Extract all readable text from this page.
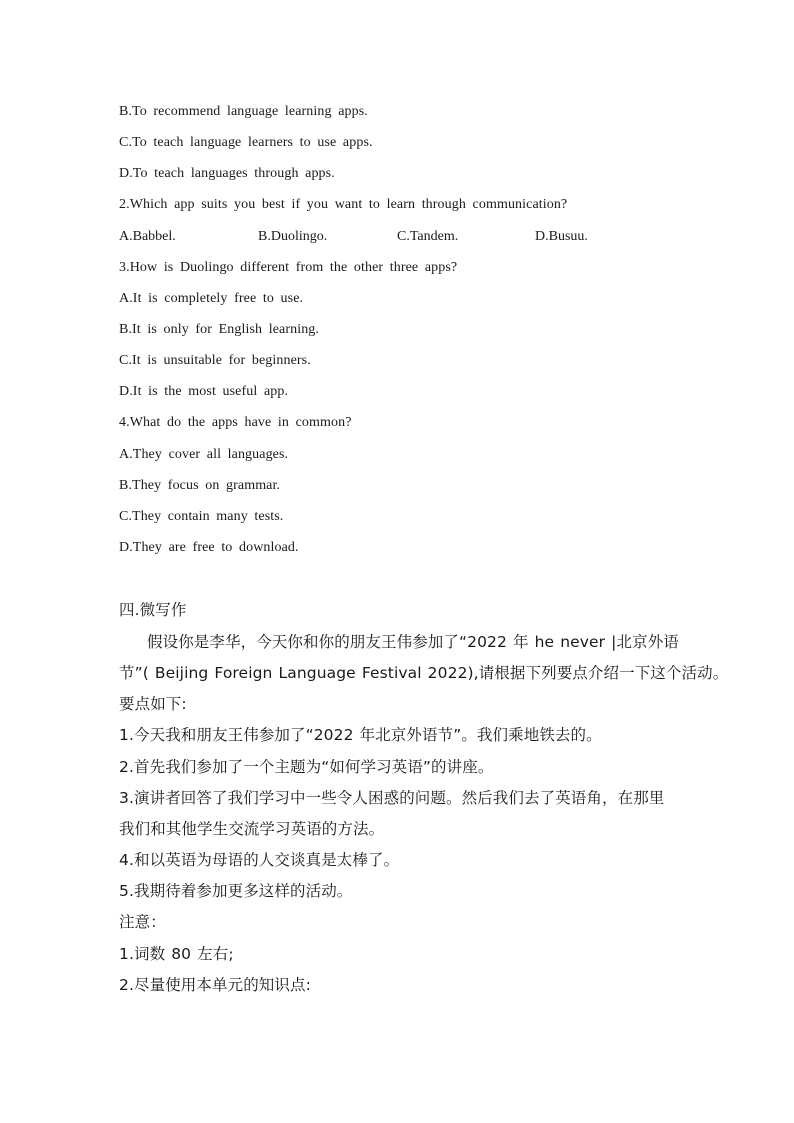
B.To recommend language learning apps.
C.To teach language learners to use apps.
D.To teach languages through apps.
2.Which app suits you best if you want to learn through communication?
A.Babbel.	B.Duolingo.	C.Tandem.	D.Busuu.
3.How is Duolingo different from the other three apps?
A.It is completely free to use.
B.It is only for English learning.
C.It is unsuitable for beginners.
D.It is the most useful app.
4.What do the apps have in common?
A.They cover all languages.
B.They focus on grammar.
C.They contain many tests.
D.They are free to download.
四.微写作
假设你是李华，今天你和你的朋友王伟参加了“2022 年 he never |北京外语
节”( Beijing Foreign Language Festival 2022),请根据下列要点介绍一下这个活动。
要点如下:
1.今天我和朋友王伟参加了“2022 年北京外语节”。我们乘地铁去的。
2.首先我们参加了一个主题为“如何学习英语”的讲座。
3.演讲者回答了我们学习中一些令人困惑的问题。然后我们去了英语角，在那里
我们和其他学生交流学习英语的方法。
4.和以英语为母语的人交谈真是太棒了。
5.我期待着参加更多这样的活动。
注意：
1.词数 80 左右;
2.尽量使用本单元的知识点:
